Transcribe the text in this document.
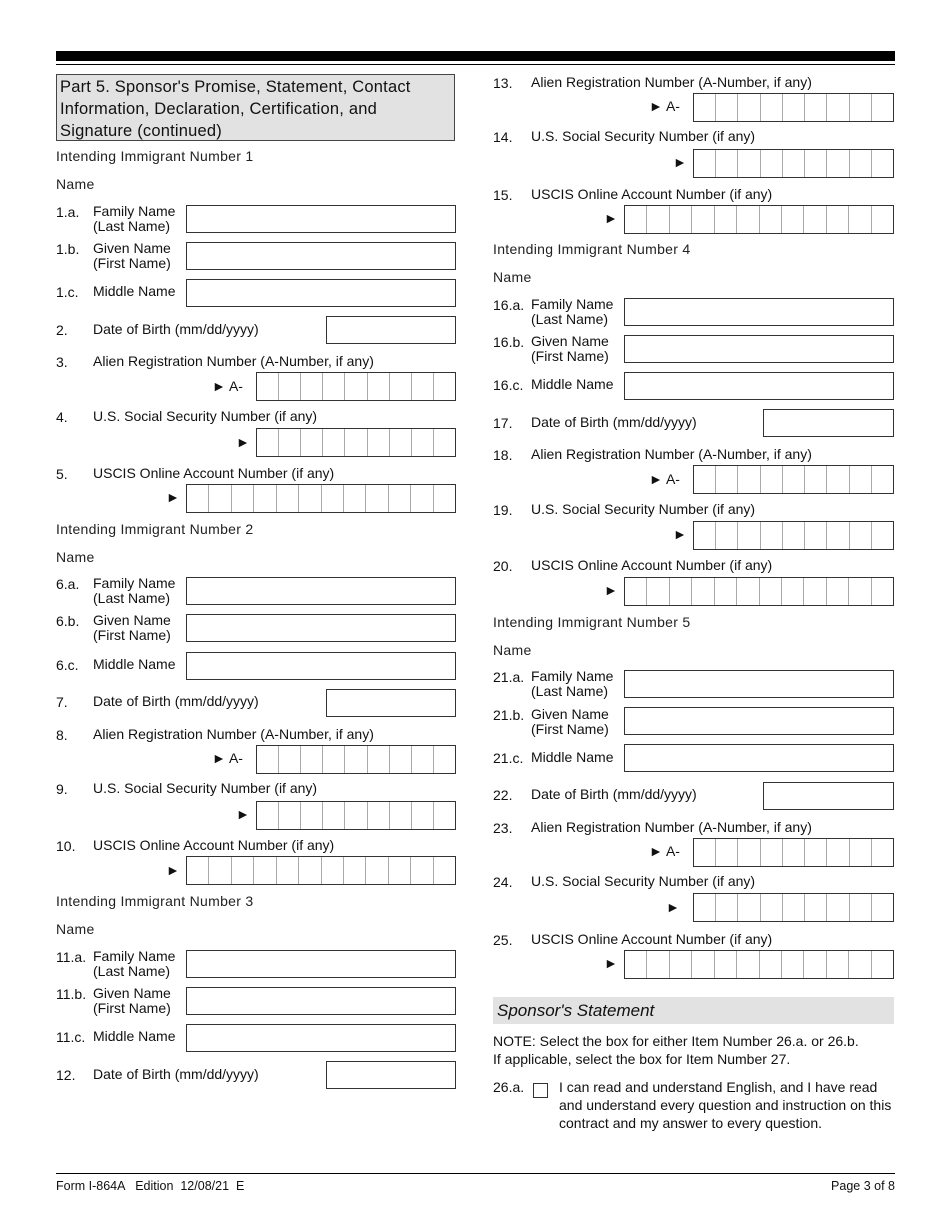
Part 5. Sponsor's Promise, Statement, Contact Information, Declaration, Certification, and Signature (continued)
Intending Immigrant Number 1
Name
1.a. Family Name
(Last Name)
1.b. Given Name
(First Name)
1.c. Middle Name
2. Date of Birth (mm/dd/yyyy)
3. Alien Registration Number (A-Number, if any)
► A-
4. U.S. Social Security Number (if any)
►
5. USCIS Online Account Number (if any)
►
Intending Immigrant Number 2
Name
6.a. Family Name
(Last Name)
6.b. Given Name
(First Name)
6.c. Middle Name
7. Date of Birth (mm/dd/yyyy)
8. Alien Registration Number (A-Number, if any)
► A-
9. U.S. Social Security Number (if any)
►
10. USCIS Online Account Number (if any)
►
Intending Immigrant Number 3
Name
11.a. Family Name
(Last Name)
11.b. Given Name
(First Name)
11.c. Middle Name
12. Date of Birth (mm/dd/yyyy)
13. Alien Registration Number (A-Number, if any)
► A-
14. U.S. Social Security Number (if any)
►
15. USCIS Online Account Number (if any)
►
Intending Immigrant Number 4
Name
16.a. Family Name
(Last Name)
16.b. Given Name
(First Name)
16.c. Middle Name
17. Date of Birth (mm/dd/yyyy)
18. Alien Registration Number (A-Number, if any)
► A-
19. U.S. Social Security Number (if any)
►
20. USCIS Online Account Number (if any)
►
Intending Immigrant Number 5
Name
21.a. Family Name
(Last Name)
21.b. Given Name
(First Name)
21.c. Middle Name
22. Date of Birth (mm/dd/yyyy)
23. Alien Registration Number (A-Number, if any)
► A-
24. U.S. Social Security Number (if any)
►
25. USCIS Online Account Number (if any)
►
Sponsor's Statement
NOTE: Select the box for either Item Number 26.a. or 26.b.
If applicable, select the box for Item Number 27.
26.a. I can read and understand English, and I have read
and understand every question and instruction on this
contract and my answer to every question.
Form I-864A   Edition  12/08/21  E	Page 3 of 8
